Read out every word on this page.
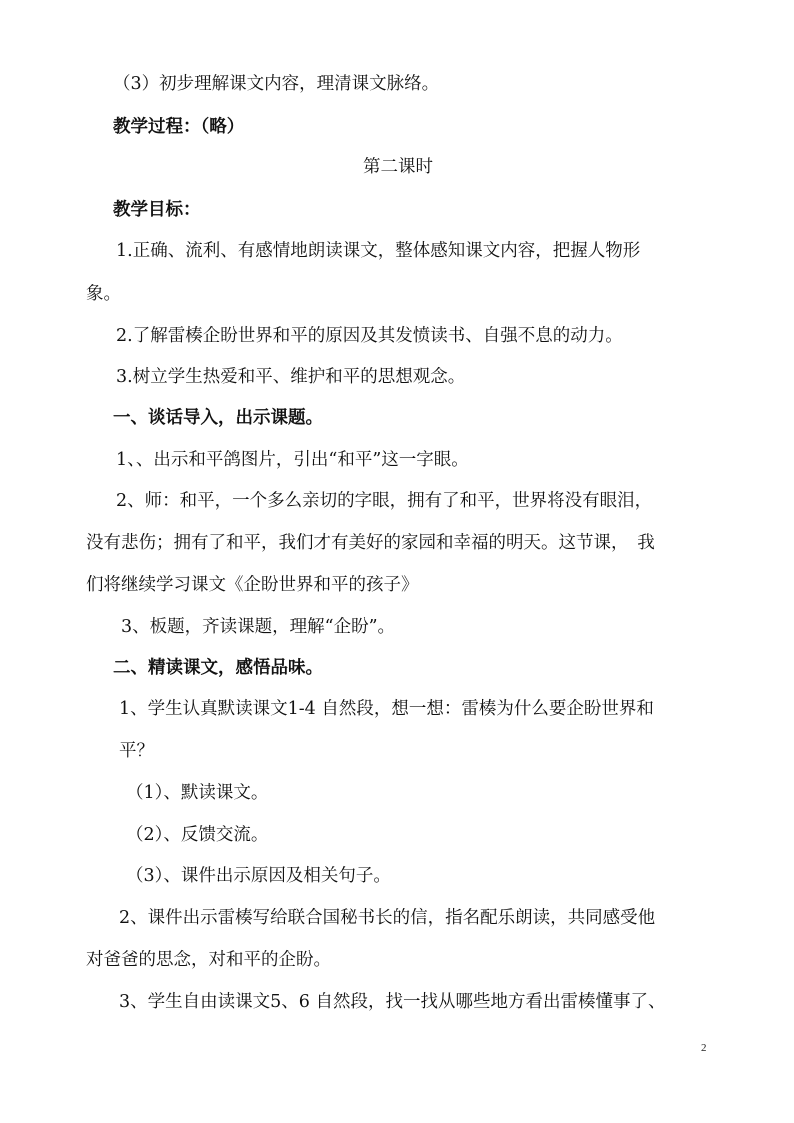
（3）初步理解课文内容，理清课文脉络。
教学过程：（略）
第二课时
教学目标：
1.正确、流利、有感情地朗读课文，整体感知课文内容，把握人物形
象。
2.了解雷楱企盼世界和平的原因及其发愤读书、自强不息的动力。
3.树立学生热爱和平、维护和平的思想观念。
一、谈话导入，出示课题。
1、、出示和平鸽图片，引出“和平”这一字眼。
2、师：和平，一个多么亲切的字眼，拥有了和平，世界将没有眼泪，
没有悲伤；拥有了和平，我们才有美好的家园和幸福的明天。这节课，　我
们将继续学习课文《企盼世界和平的孩子》
3、板题，齐读课题，理解“企盼”。
二、精读课文，感悟品味。
1、学生认真默读课文1-4 自然段，想一想：雷楱为什么要企盼世界和
平？
（1）、默读课文。
（2）、反馈交流。
（3）、课件出示原因及相关句子。
2、课件出示雷楱写给联合国秘书长的信，指名配乐朗读，共同感受他
对爸爸的思念，对和平的企盼。
3、学生自由读课文5、6 自然段，找一找从哪些地方看出雷楱懂事了、
2
